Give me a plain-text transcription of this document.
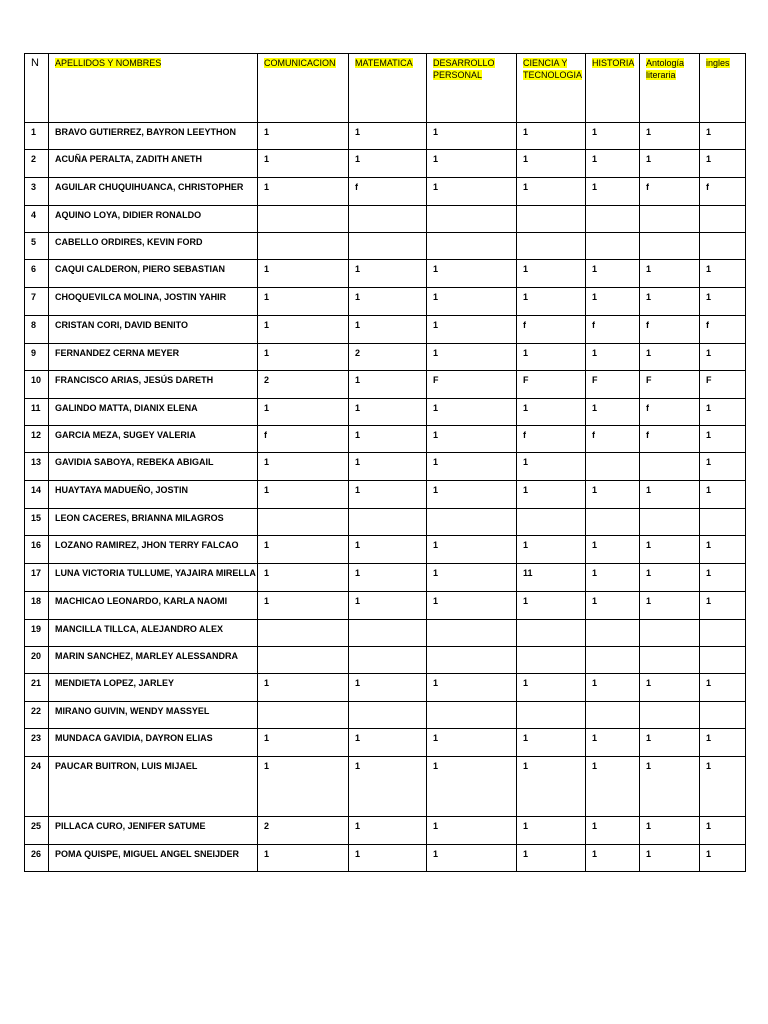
N	APELLIDOS Y NOMBRES	COMUNICACION	MATEMATICA	DESARROLLO PERSONAL	CIENCIA Y TECNOLOGIA	HISTORIA	Antología literaria	ingles
1	BRAVO GUTIERREZ, BAYRON LEEYTHON	1	1	1	1	1	1	1
2	ACUÑA PERALTA, ZADITH ANETH	1	1	1	1	1	1	1
3	AGUILAR CHUQUIHUANCA, CHRISTOPHER	1	f	1	1	1	f	f
4	AQUINO LOYA, DIDIER RONALDO							
5	CABELLO ORDIRES, KEVIN FORD							
6	CAQUI CALDERON, PIERO SEBASTIAN	1	1	1	1	1	1	1
7	CHOQUEVILCA MOLINA, JOSTIN YAHIR	1	1	1	1	1	1	1
8	CRISTAN CORI, DAVID BENITO	1	1	1	f	f	f	f
9	FERNANDEZ CERNA MEYER	1	2	1	1	1	1	1
10	FRANCISCO ARIAS, JESÚS DARETH	2	1	F	F	F	F	F
11	GALINDO MATTA, DIANIX ELENA	1	1	1	1	1	f	1
12	GARCIA MEZA, SUGEY VALERIA	f	1	1	f	f	f	1
13	GAVIDIA SABOYA, REBEKA ABIGAIL	1	1	1	1			1
14	HUAYTAYA MADUEÑO, JOSTIN	1	1	1	1	1	1	1
15	LEON CACERES, BRIANNA MILAGROS							
16	LOZANO RAMIREZ, JHON TERRY FALCAO	1	1	1	1	1	1	1
17	LUNA VICTORIA TULLUME, YAJAIRA MIRELLA	1	1	1	11	1	1	1
18	MACHICAO LEONARDO, KARLA NAOMI	1	1	1	1	1	1	1
19	MANCILLA TILLCA, ALEJANDRO ALEX							
20	MARIN SANCHEZ, MARLEY ALESSANDRA							
21	MENDIETA LOPEZ, JARLEY	1	1	1	1	1	1	1
22	MIRANO GUIVIN, WENDY MASSYEL							
23	MUNDACA GAVIDIA, DAYRON ELIAS	1	1	1	1	1	1	1
24	PAUCAR BUITRON, LUIS MIJAEL	1	1	1	1	1	1	1
25	PILLACA CURO, JENIFER SATUME	2	1	1	1	1	1	1
26	POMA QUISPE, MIGUEL ANGEL SNEIJDER	1	1	1	1	1	1	1
